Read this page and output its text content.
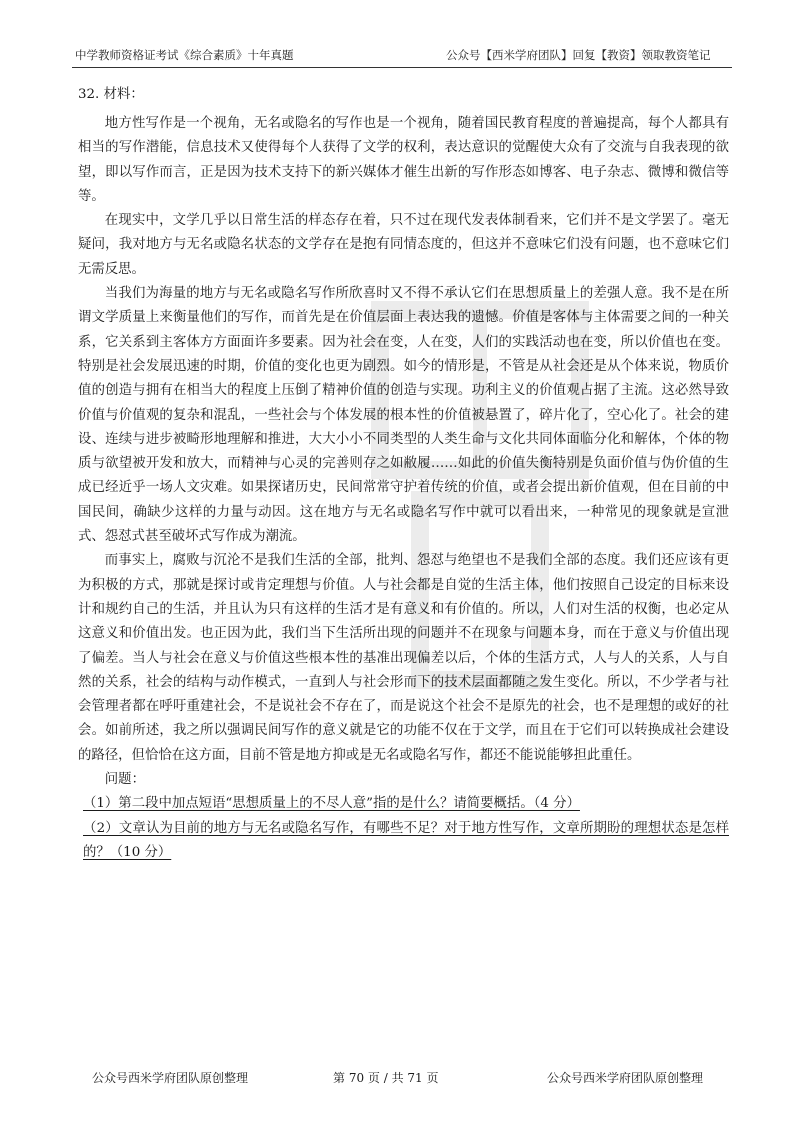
中学教师资格证考试《综合素质》十年真题	公众号【西米学府团队】回复【教资】领取教资笔记
32. 材料：

地方性写作是一个视角，无名或隐名的写作也是一个视角，随着国民教育程度的普遍提高，每个人都具有相当的写作潜能，信息技术又使得每个人获得了文学的权利，表达意识的觉醒使大众有了交流与自我表现的欲望，即以写作而言，正是因为技术支持下的新兴媒体才催生出新的写作形态如博客、电子杂志、微博和微信等等。

在现实中，文学几乎以日常生活的样态存在着，只不过在现代发表体制看来，它们并不是文学罢了。毫无疑问，我对地方与无名或隐名状态的文学存在是抱有同情态度的，但这并不意味它们没有问题，也不意味它们无需反思。

当我们为海量的地方与无名或隐名写作所欣喜时又不得不承认它们在思想质量上的差强人意。我不是在所谓文学质量上来衡量他们的写作，而首先是在价值层面上表达我的遗憾。价值是客体与主体需要之间的一种关系，它关系到主客体方方面面许多要素。因为社会在变，人在变，人们的实践活动也在变，所以价值也在变。特别是社会发展迅速的时期，价值的变化也更为剧烈。如今的情形是，不管是从社会还是从个体来说，物质价值的创造与拥有在相当大的程度上压倒了精神价值的创造与实现。功利主义的价值观占据了主流。这必然导致价值与价值观的复杂和混乱，一些社会与个体发展的根本性的价值被悬置了，碎片化了，空心化了。社会的建设、连续与进步被畸形地理解和推进，大大小小不同类型的人类生命与文化共同体面临分化和解体，个体的物质与欲望被开发和放大，而精神与心灵的完善则存之如敝履……如此的价值失衡特别是负面价值与伪价值的生成已经近乎一场人文灾难。如果探诸历史，民间常常守护着传统的价值，或者会提出新价值观，但在目前的中国民间，确缺少这样的力量与动因。这在地方与无名或隐名写作中就可以看出来，一种常见的现象就是宣泄式、怨怼式甚至破坏式写作成为潮流。

而事实上，腐败与沉沦不是我们生活的全部，批判、怨怼与绝望也不是我们全部的态度。我们还应该有更为积极的方式，那就是探讨或肯定理想与价值。人与社会都是自觉的生活主体，他们按照自己设定的目标来设计和规约自己的生活，并且认为只有这样的生活才是有意义和有价值的。所以，人们对生活的权衡，也必定从这意义和价值出发。也正因为此，我们当下生活所出现的问题并不在现象与问题本身，而在于意义与价值出现了偏差。当人与社会在意义与价值这些根本性的基准出现偏差以后，个体的生活方式，人与人的关系，人与自然的关系，社会的结构与动作模式，一直到人与社会形而下的技术层面都随之发生变化。所以，不少学者与社会管理者都在呼吁重建社会，不是说社会不存在了，而是说这个社会不是原先的社会，也不是理想的或好的社会。如前所述，我之所以强调民间写作的意义就是它的功能不仅在于文学，而且在于它们可以转换成社会建设的路径，但恰恰在这方面，目前不管是地方抑或是无名或隐名写作，都还不能说能够担此重任。

问题：

（1）第二段中加点短语“思想质量上的不尽人意”指的是什么？请简要概括。（4 分）

（2）文章认为目前的地方与无名或隐名写作，有哪些不足？对于地方性写作，文章所期盼的理想状态是怎样的？（10 分）

公众号西米学府团队原创整理	第 70 页 / 共 71 页	公众号西米学府团队原创整理
